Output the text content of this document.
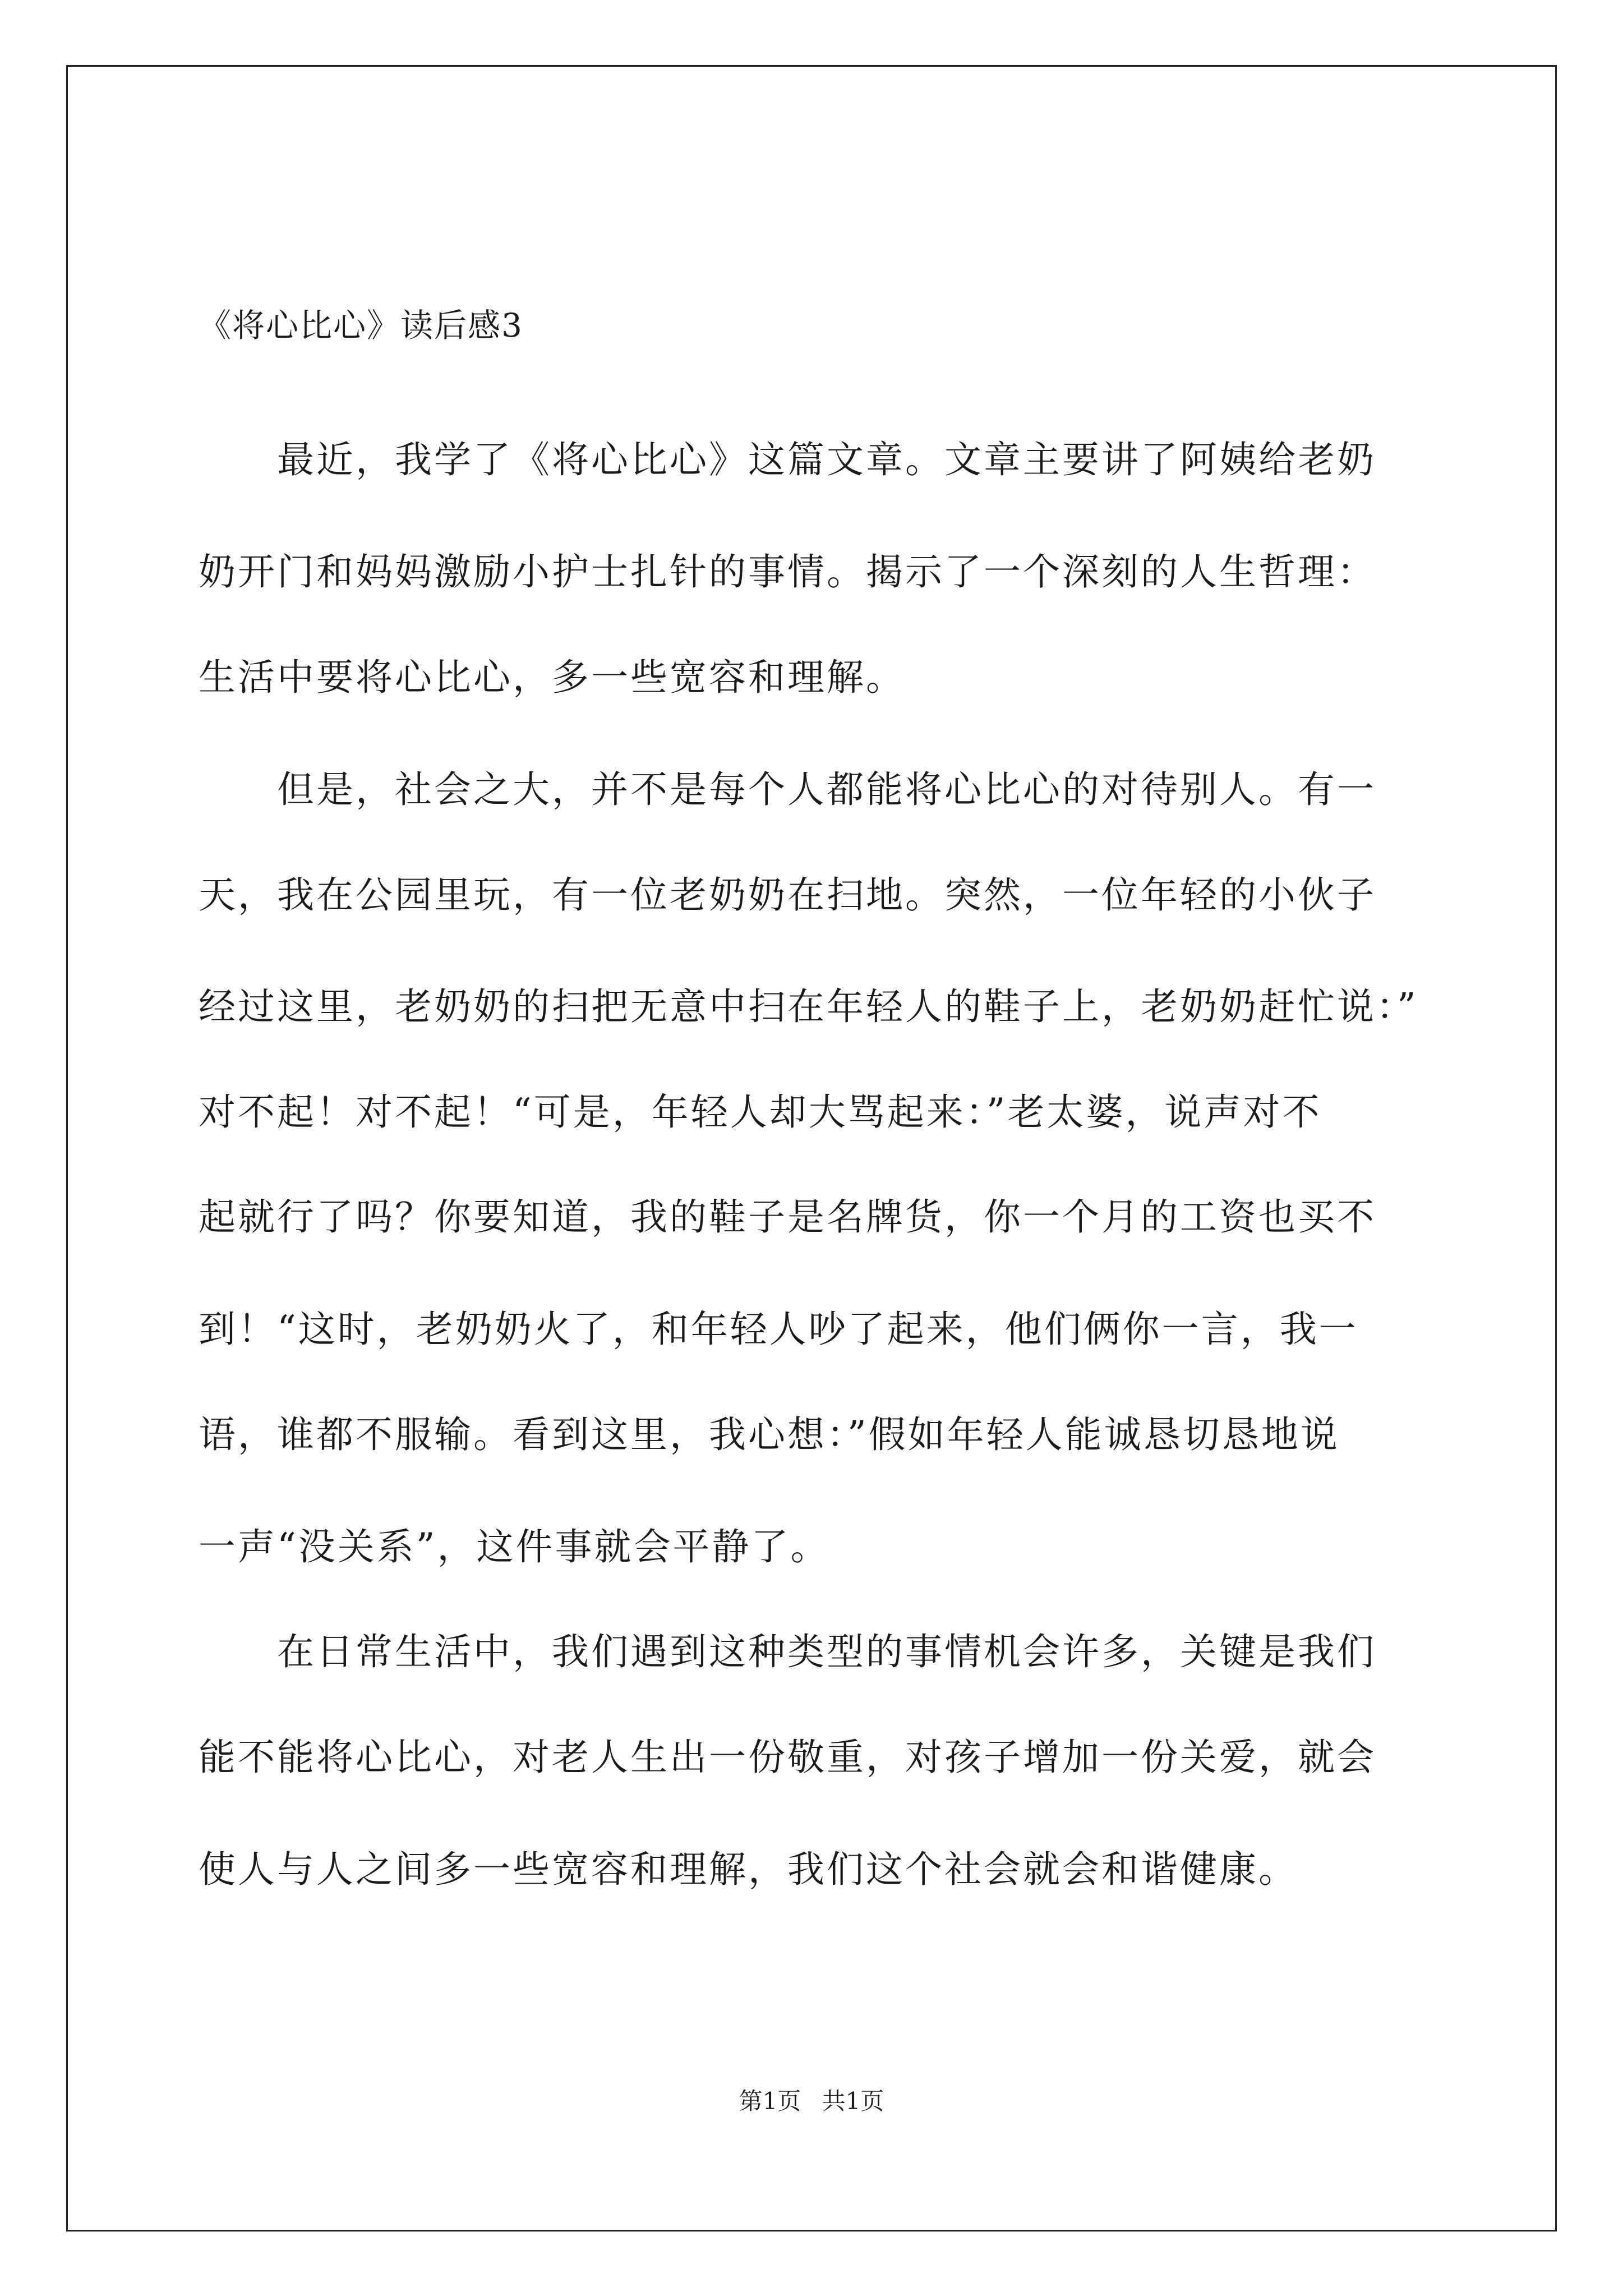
《将心比心》读后感3
　　最近，我学了《将心比心》这篇文章。文章主要讲了阿姨给老奶
奶开门和妈妈激励小护士扎针的事情。揭示了一个深刻的人生哲理：
生活中要将心比心，多一些宽容和理解。
　　但是，社会之大，并不是每个人都能将心比心的对待别人。有一
天，我在公园里玩，有一位老奶奶在扫地。突然，一位年轻的小伙子
经过这里，老奶奶的扫把无意中扫在年轻人的鞋子上，老奶奶赶忙说：”
对不起！对不起！“可是，年轻人却大骂起来：”老太婆，说声对不
起就行了吗？你要知道，我的鞋子是名牌货，你一个月的工资也买不
到！“这时，老奶奶火了，和年轻人吵了起来，他们俩你一言，我一
语，谁都不服输。看到这里，我心想：”假如年轻人能诚恳切恳地说
一声“没关系”，这件事就会平静了。
　　在日常生活中，我们遇到这种类型的事情机会许多，关键是我们
能不能将心比心，对老人生出一份敬重，对孩子增加一份关爱，就会
使人与人之间多一些宽容和理解，我们这个社会就会和谐健康。
第1页 共1页
